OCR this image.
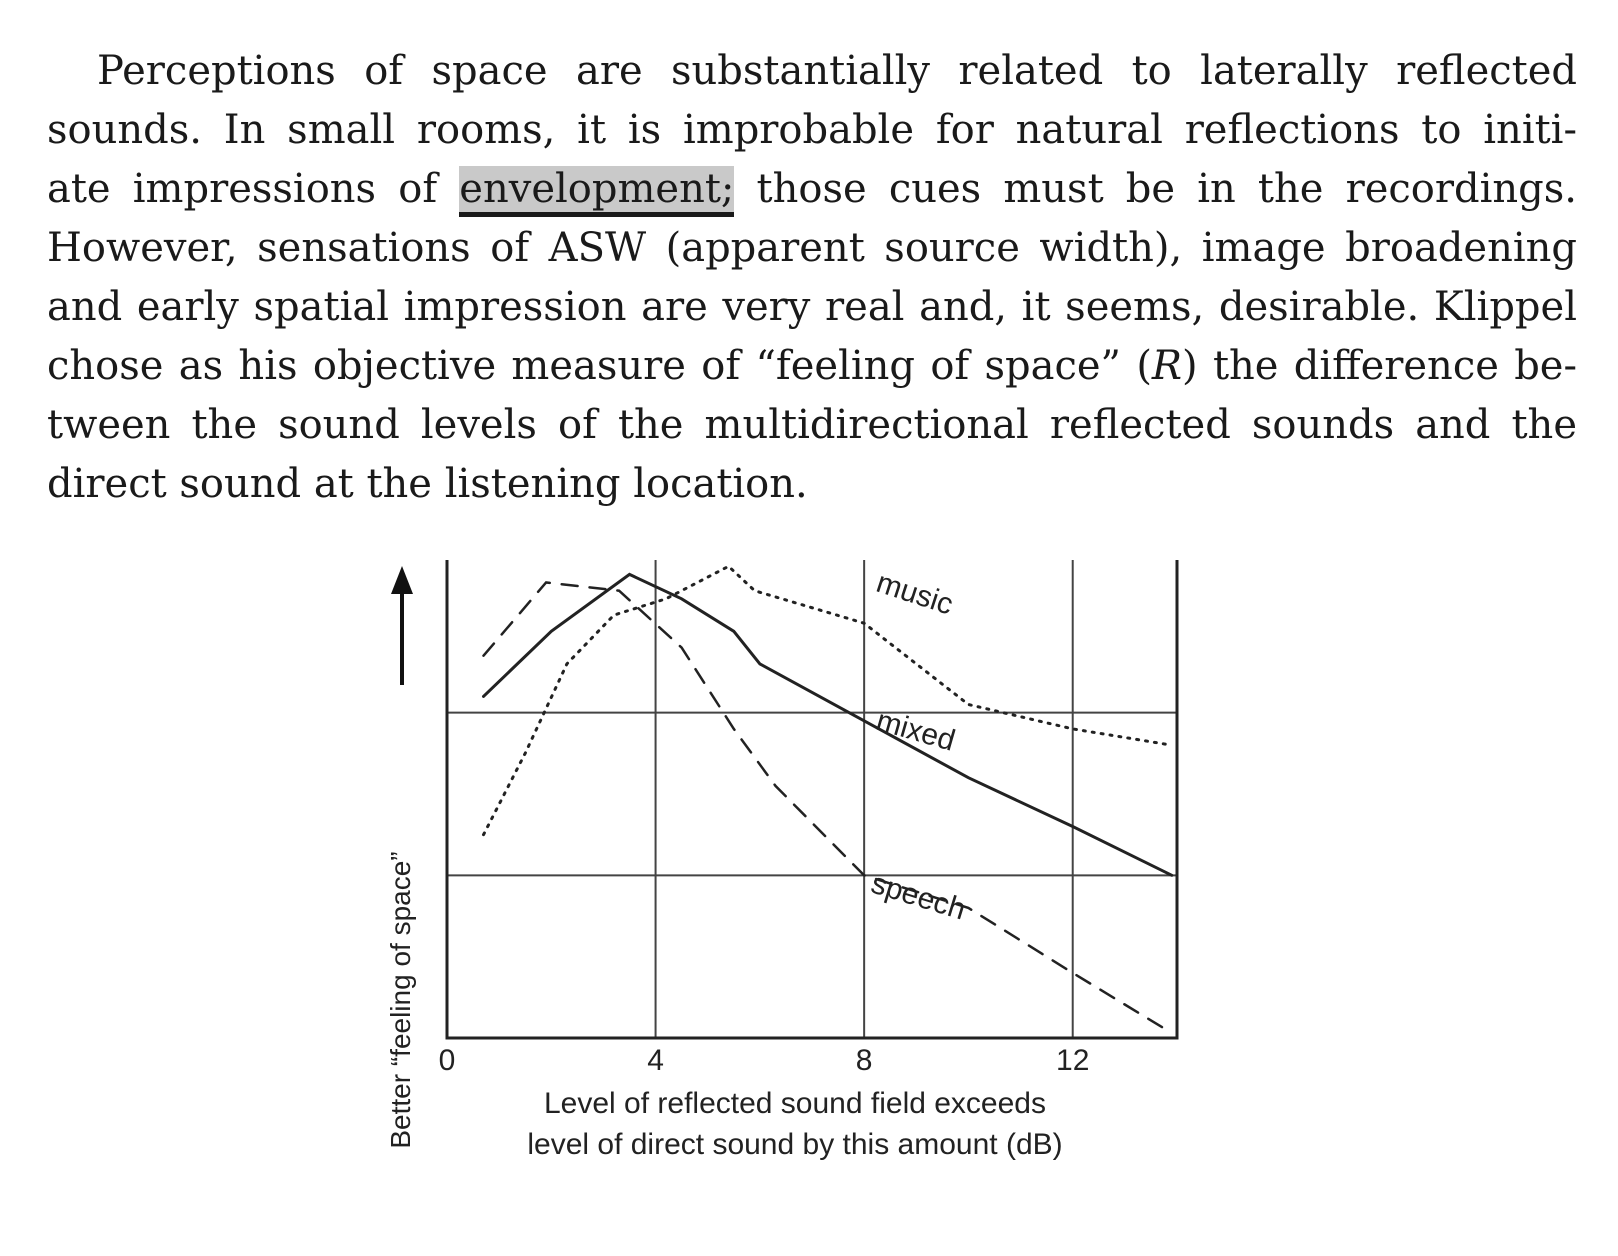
Perceptions of space are substantially related to laterally reflected
sounds. In small rooms, it is improbable for natural reflections to initi-
ate impressions of envelopment; those cues must be in the recordings.
However, sensations of ASW (apparent source width), image broadening
and early spatial impression are very real and, it seems, desirable. Klippel
chose as his objective measure of “feeling of space” (R) the difference be-
tween the sound levels of the multidirectional reflected sounds and the
direct sound at the listening location.
music
mixed
speech
0	4	8	12
Better “feeling of space”	Level of reflected sound field exceeds
level of direct sound by this amount (dB)
